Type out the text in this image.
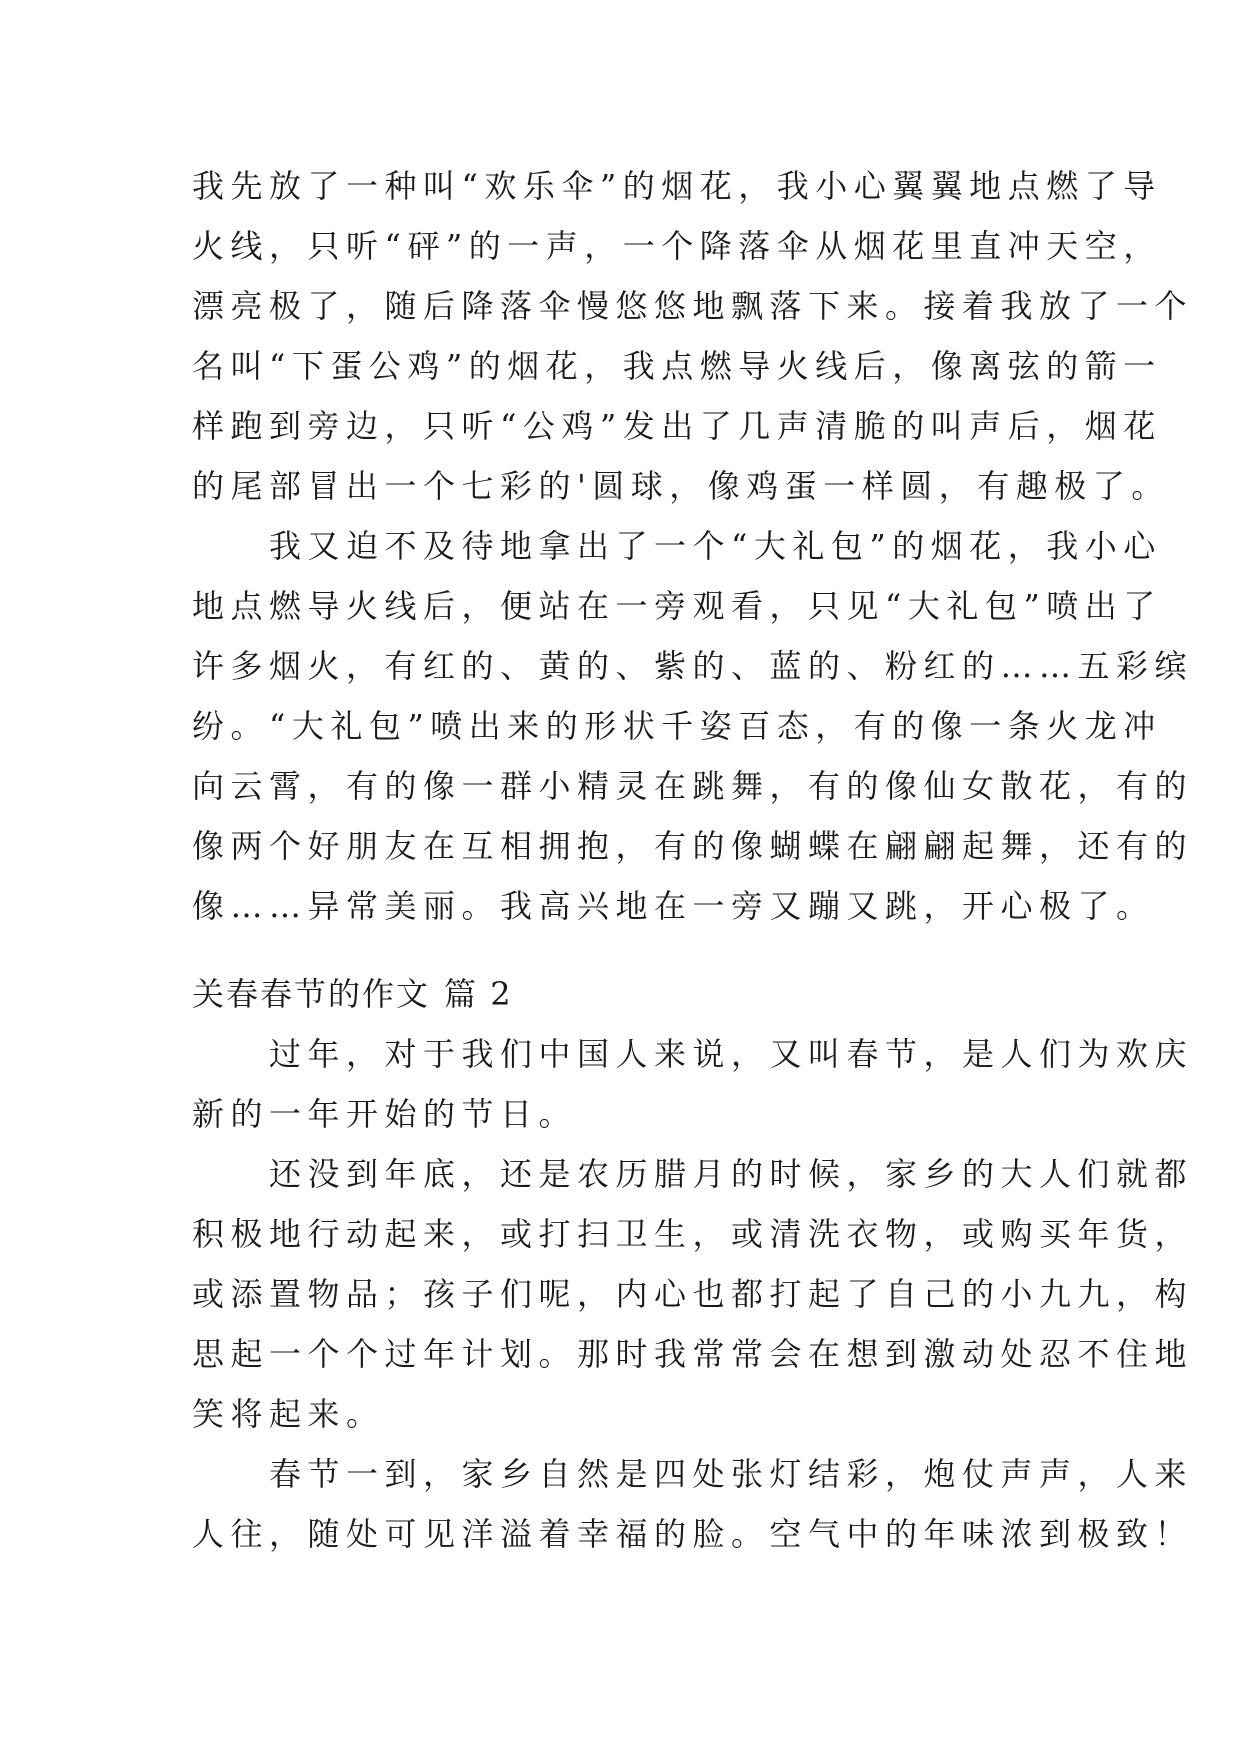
我先放了一种叫“欢乐伞”的烟花，我小心翼翼地点燃了导
火线，只听“砰”的一声，一个降落伞从烟花里直冲天空，
漂亮极了，随后降落伞慢悠悠地飘落下来。接着我放了一个
名叫“下蛋公鸡”的烟花，我点燃导火线后，像离弦的箭一
样跑到旁边，只听“公鸡”发出了几声清脆的叫声后，烟花
的尾部冒出一个七彩的'圆球，像鸡蛋一样圆，有趣极了。
　　我又迫不及待地拿出了一个“大礼包”的烟花，我小心
地点燃导火线后，便站在一旁观看，只见“大礼包”喷出了
许多烟火，有红的、黄的、紫的、蓝的、粉红的……五彩缤
纷。“大礼包”喷出来的形状千姿百态，有的像一条火龙冲
向云霄，有的像一群小精灵在跳舞，有的像仙女散花，有的
像两个好朋友在互相拥抱，有的像蝴蝶在翩翩起舞，还有的
像……异常美丽。我高兴地在一旁又蹦又跳，开心极了。
关春春节的作文 篇 2
　　过年，对于我们中国人来说，又叫春节，是人们为欢庆
新的一年开始的节日。
　　还没到年底，还是农历腊月的时候，家乡的大人们就都
积极地行动起来，或打扫卫生，或清洗衣物，或购买年货，
或添置物品；孩子们呢，内心也都打起了自己的小九九，构
思起一个个过年计划。那时我常常会在想到激动处忍不住地
笑将起来。
　　春节一到，家乡自然是四处张灯结彩，炮仗声声，人来
人往，随处可见洋溢着幸福的脸。空气中的年味浓到极致！
